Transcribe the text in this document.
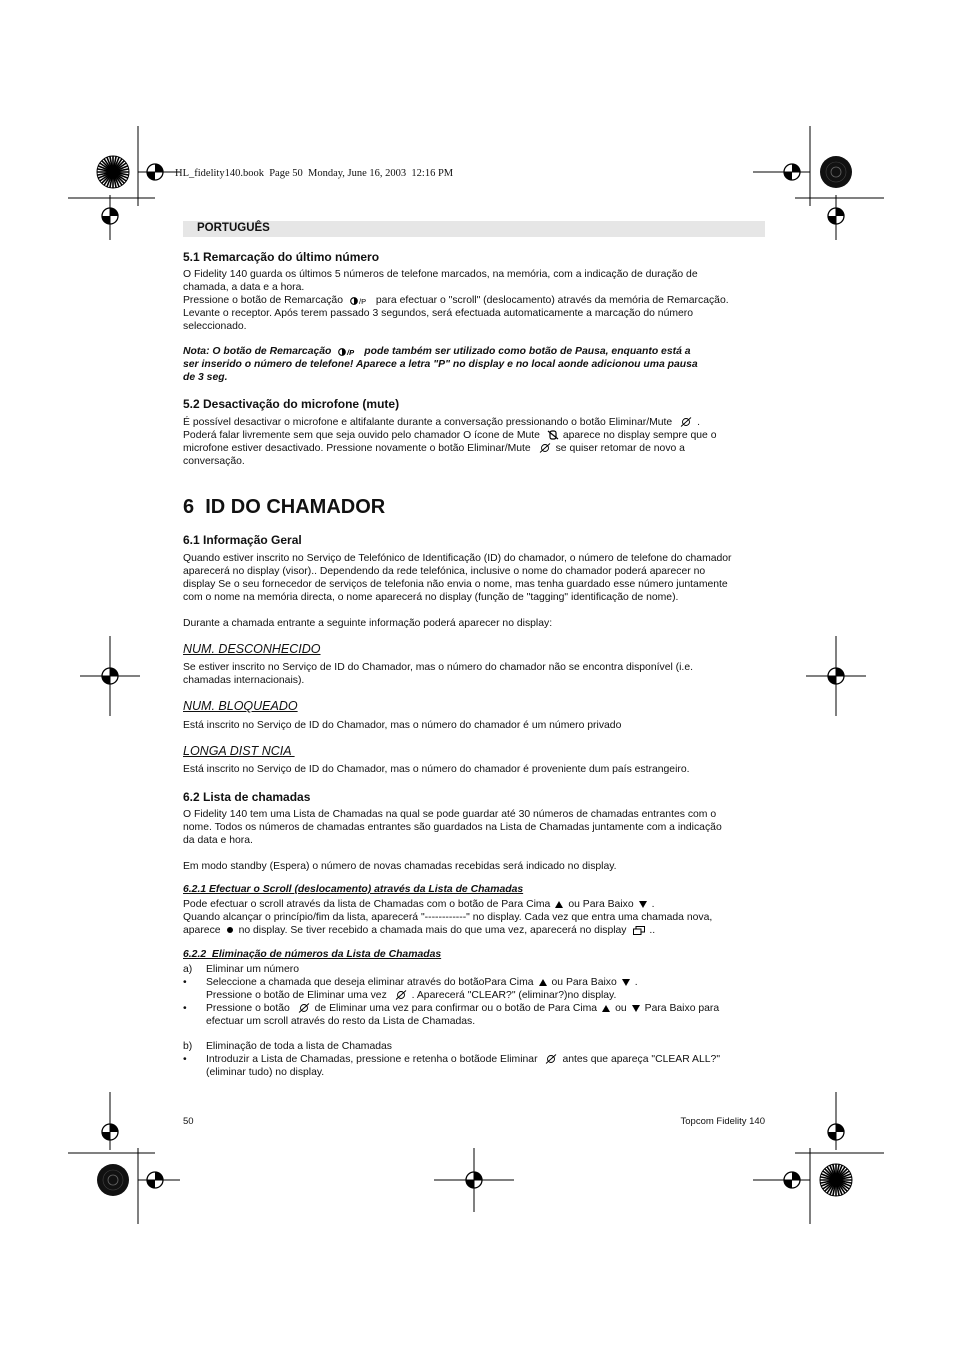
HL_fidelity140.book  Page 50  Monday, June 16, 2003  12:16 PM
PORTUGUÊS
5.1 Remarcação do último número
O Fidelity 140 guarda os últimos 5 números de telefone marcados, na memória, com a indicação de duração de
chamada, a data e a hora.
Pressione o botão de Remarcação /P para efectuar o "scroll" (deslocamento) através da memória de Remarcação.
Levante o receptor. Após terem passado 3 segundos, será efectuada automaticamente a marcação do número
seleccionado.
Nota: O botão de Remarcação /P pode também ser utilizado como botão de Pausa, enquanto está a
ser inserido o número de telefone! Aparece a letra "P" no display e no local aonde adicionou uma pausa
de 3 seg.
5.2 Desactivação do microfone (mute)
É possível desactivar o microfone e altifalante durante a conversação pressionando o botão Eliminar/Mute .
Poderá falar livremente sem que seja ouvido pelo chamador O ícone de Mute aparece no display sempre que o
microfone estiver desactivado. Pressione novamente o botão Eliminar/Mute se quiser retomar de novo a
conversação.
6  ID DO CHAMADOR
6.1 Informação Geral
Quando estiver inscrito no Serviço de Telefónico de Identificação (ID) do chamador, o número de telefone do chamador
aparecerá no display (visor).. Dependendo da rede telefónica, inclusive o nome do chamador poderá aparecer no
display Se o seu fornecedor de serviços de telefonia não envia o nome, mas tenha guardado esse número juntamente
com o nome na memória directa, o nome aparecerá no display (função de "tagging" identificação de nome).
Durante a chamada entrante a seguinte informação poderá aparecer no display:
NUM. DESCONHECIDO
Se estiver inscrito no Serviço de ID do Chamador, mas o número do chamador não se encontra disponível (i.e.
chamadas internacionais).
NUM. BLOQUEADO
Está inscrito no Serviço de ID do Chamador, mas o número do chamador é um número privado
LONGA DIST NCIA
Está inscrito no Serviço de ID do Chamador, mas o número do chamador é proveniente dum país estrangeiro.
6.2 Lista de chamadas
O Fidelity 140 tem uma Lista de Chamadas na qual se pode guardar até 30 números de chamadas entrantes com o
nome. Todos os números de chamadas entrantes são guardados na Lista de Chamadas juntamente com a indicação
da data e hora.
Em modo standby (Espera) o número de novas chamadas recebidas será indicado no display.
6.2.1 Efectuar o Scroll (deslocamento) através da Lista de Chamadas
Pode efectuar o scroll através da lista de Chamadas com o botão de Para Cima ou Para Baixo .
Quando alcançar o princípio/fim da lista, aparecerá "------------" no display. Cada vez que entra uma chamada nova,
aparece no display. Se tiver recebido a chamada mais do que uma vez, aparecerá no display ..
6.2.2  Eliminação de números da Lista de Chamadas
a) Eliminar um número
• Seleccione a chamada que deseja eliminar através do botãoPara Cima ou Para Baixo .
Pressione o botão de Eliminar uma vez . Aparecerá "CLEAR?" (eliminar?)no display.
• Pressione o botão de Eliminar uma vez para confirmar ou o botão de Para Cima ou Para Baixo para
efectuar um scroll através do resto da Lista de Chamadas.
b) Eliminação de toda a lista de Chamadas
• Introduzir a Lista de Chamadas, pressione e retenha o botãode Eliminar antes que apareça "CLEAR ALL?"
(eliminar tudo) no display.
50	Topcom Fidelity 140
